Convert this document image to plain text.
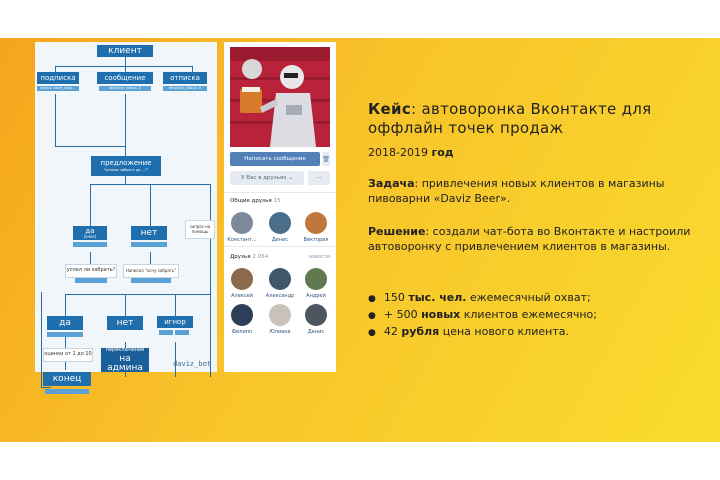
клиент
подписка	сообщение	отписка
status: have_cupo...	deadline_status: 0	deadline_status: 0
предложение
"хочешь забрать да ...?"
да
(очко)	нет
запрос на помощь
успел ли забрать?	Написал "хочу забрать"
да	нет	игнор
оценки от 1 до 10
переключение
на админа
конец
daviz_bot
Написать сообщение	🗑
У Вас в друзьях
⌄	···
Общие друзья 15
Констант...	Денис	Виктория
Друзья 2 054	новости
Алексей	Александр	Андрей
Филипп	Юлиана	Денис
Кейс: автоворонка Вконтакте для оффлайн точек продаж
2018-2019 год
Задача: привлечения новых клиентов в магазины пивоварни «Daviz Beer».
Решение: создали чат-бота во Вконтакте и настроили автоворонку с привлечением клиентов в магазины.
● 150 тыс. чел. ежемесячный охват;
● + 500 новых клиентов ежемесячно;
● 42 рубля цена нового клиента.
